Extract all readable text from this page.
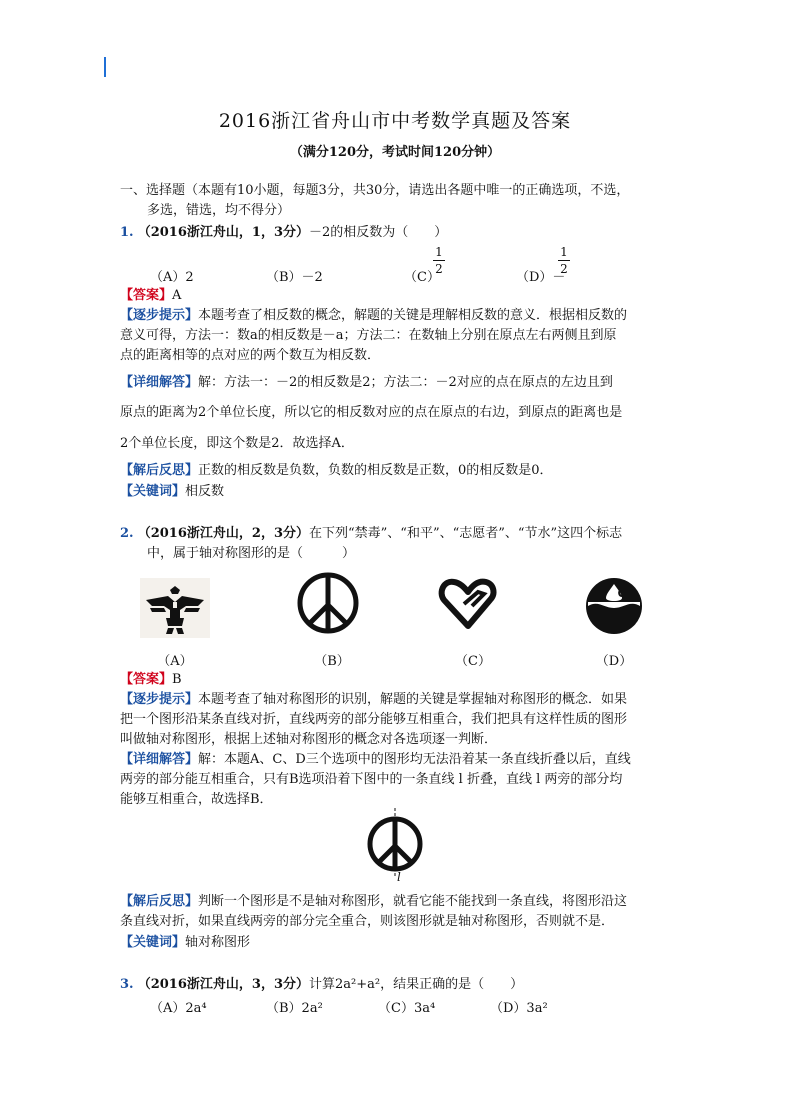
2016浙江省舟山市中考数学真题及答案
（满分120分，考试时间120分钟）
一、选择题（本题有10小题，每题3分，共30分，请选出各题中唯一的正确选项，不选，
多选，错选，均不得分）
1. （2016浙江舟山，1，3分）－2的相反数为（　　）
（A）2	（B）－2	（C）
1
2
（D）－
1
2
【答案】A
【逐步提示】本题考查了相反数的概念，解题的关键是理解相反数的意义．根据相反数的
意义可得，方法一：数a的相反数是－a；方法二：在数轴上分别在原点左右两侧且到原
点的距离相等的点对应的两个数互为相反数．
【详细解答】解：方法一：－2的相反数是2；方法二：－2对应的点在原点的左边且到
原点的距离为2个单位长度，所以它的相反数对应的点在原点的右边，到原点的距离也是
2个单位长度，即这个数是2．故选择A．
【解后反思】正数的相反数是负数，负数的相反数是正数，0的相反数是0．
【关键词】相反数
2. （2016浙江舟山，2，3分）在下列“禁毒”、“和平”、“志愿者”、“节水”这四个标志
中，属于轴对称图形的是（　　　）
（A）	（B）	（C）	（D）
【答案】B
【逐步提示】本题考查了轴对称图形的识别，解题的关键是掌握轴对称图形的概念．如果
把一个图形沿某条直线对折，直线两旁的部分能够互相重合，我们把具有这样性质的图形
叫做轴对称图形，根据上述轴对称图形的概念对各选项逐一判断．
【详细解答】解：本题A、C、D三个选项中的图形均无法沿着某一条直线折叠以后，直线
两旁的部分能互相重合，只有B选项沿着下图中的一条直线 l 折叠，直线 l 两旁的部分均
能够互相重合，故选择B．
l
【解后反思】判断一个图形是不是轴对称图形，就看它能不能找到一条直线，将图形沿这
条直线对折，如果直线两旁的部分完全重合，则该图形就是轴对称图形，否则就不是．
【关键词】轴对称图形
3. （2016浙江舟山，3，3分）计算2a²+a²，结果正确的是（　　）
（A）2a⁴	（B）2a²	（C）3a⁴	（D）3a²
